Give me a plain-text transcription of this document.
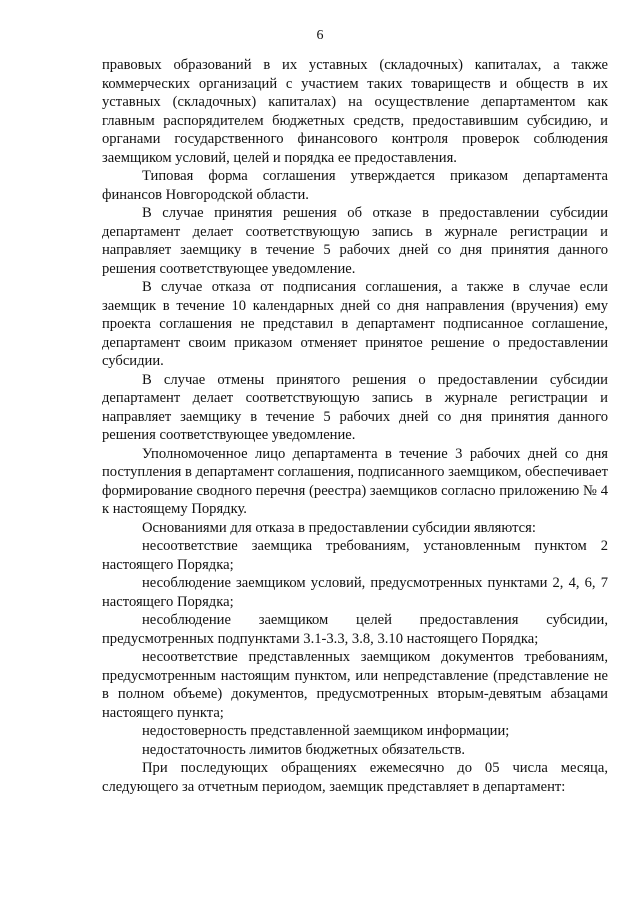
6

правовых образований в их уставных (складочных) капиталах, а также коммерческих организаций с участием таких товариществ и обществ в их уставных (складочных) капиталах) на осуществление департаментом как главным распорядителем бюджетных средств, предоставившим субсидию, и органами государственного финансового контроля проверок соблюдения заемщиком условий, целей и порядка ее предоставления.

Типовая форма соглашения утверждается приказом департамента финансов Новгородской области.

В случае принятия решения об отказе в предоставлении субсидии департамент делает соответствующую запись в журнале регистрации и направляет заемщику в течение 5 рабочих дней со дня принятия данного решения соответствующее уведомление.

В случае отказа от подписания соглашения, а также в случае если заемщик в течение 10 календарных дней со дня направления (вручения) ему проекта соглашения не представил в департамент подписанное соглашение, департамент своим приказом отменяет принятое решение о предоставлении субсидии.

В случае отмены принятого решения о предоставлении субсидии департамент делает соответствующую запись в журнале регистрации и направляет заемщику в течение 5 рабочих дней со дня принятия данного решения соответствующее уведомление.

Уполномоченное лицо департамента в течение 3 рабочих дней со дня поступления в департамент соглашения, подписанного заемщиком, обеспечивает формирование сводного перечня (реестра) заемщиков согласно приложению № 4 к настоящему Порядку.

Основаниями для отказа в предоставлении субсидии являются:

несоответствие заемщика требованиям, установленным пунктом 2 настоящего Порядка;

несоблюдение заемщиком условий, предусмотренных пунктами 2, 4, 6, 7 настоящего Порядка;

несоблюдение заемщиком целей предоставления субсидии, предусмотренных подпунктами 3.1-3.3, 3.8, 3.10 настоящего Порядка;

несоответствие представленных заемщиком документов требованиям, предусмотренным настоящим пунктом, или непредставление (представление не в полном объеме) документов, предусмотренных вторым-девятым абзацами настоящего пункта;

недостоверность представленной заемщиком информации;

недостаточность лимитов бюджетных обязательств.

При последующих обращениях ежемесячно до 05 числа месяца, следующего за отчетным периодом, заемщик представляет в департамент:
